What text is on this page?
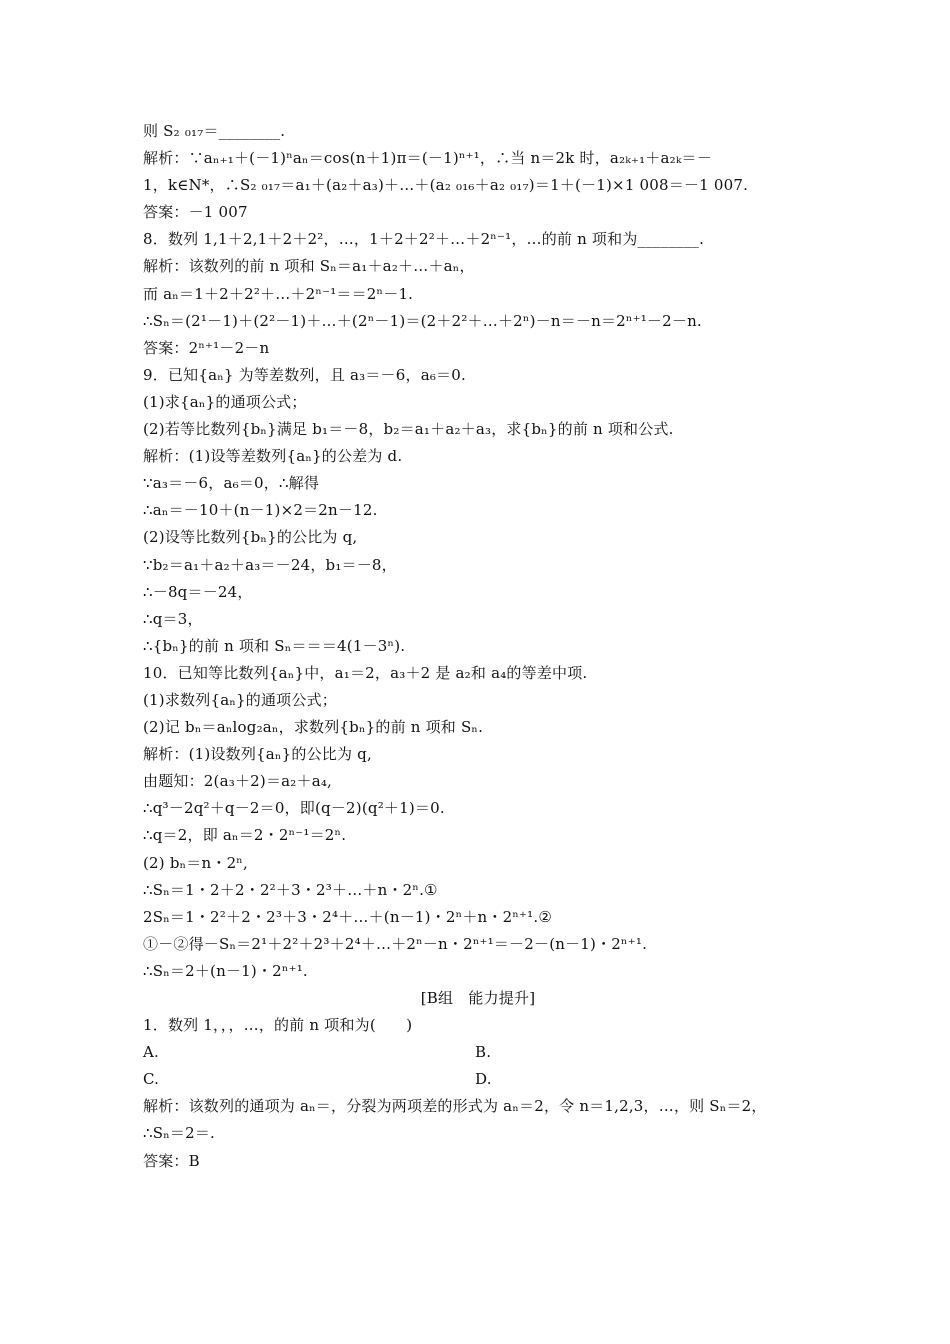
则 S₂ ₀₁₇＝________.
解析：∵aₙ₊₁＋(－1)ⁿaₙ＝cos(n＋1)π＝(－1)ⁿ⁺¹，∴当 n＝2k 时，a₂ₖ₊₁＋a₂ₖ＝－
1，k∈N*，∴S₂ ₀₁₇＝a₁＋(a₂＋a₃)＋…＋(a₂ ₀₁₆＋a₂ ₀₁₇)＝1＋(－1)×1 008＝－1 007.
答案：－1 007
8．数列 1,1＋2,1＋2＋2²，…，1＋2＋2²＋…＋2ⁿ⁻¹，…的前 n 项和为________.
解析：该数列的前 n 项和 Sₙ＝a₁＋a₂＋…＋aₙ，
而 aₙ＝1＋2＋2²＋…＋2ⁿ⁻¹＝＝2ⁿ－1.
∴Sₙ＝(2¹－1)＋(2²－1)＋…＋(2ⁿ－1)＝(2＋2²＋…＋2ⁿ)－n＝－n＝2ⁿ⁺¹－2－n.
答案：2ⁿ⁺¹－2－n
9．已知{aₙ} 为等差数列，且 a₃＝－6，a₆＝0.
(1)求{aₙ}的通项公式；
(2)若等比数列{bₙ}满足 b₁＝－8，b₂＝a₁＋a₂＋a₃，求{bₙ}的前 n 项和公式.
解析：(1)设等差数列{aₙ}的公差为 d.
∵a₃＝－6，a₆＝0，∴解得
∴aₙ＝－10＋(n－1)×2＝2n－12.
(2)设等比数列{bₙ}的公比为 q,
∵b₂＝a₁＋a₂＋a₃＝－24，b₁＝－8，
∴－8q＝－24，
∴q＝3，
∴{bₙ}的前 n 项和 Sₙ＝＝＝4(1－3ⁿ).
10．已知等比数列{aₙ}中，a₁＝2，a₃＋2 是 a₂和 a₄的等差中项.
(1)求数列{aₙ}的通项公式；
(2)记 bₙ＝aₙlog₂aₙ，求数列{bₙ}的前 n 项和 Sₙ.
解析：(1)设数列{aₙ}的公比为 q,
由题知：2(a₃＋2)＝a₂＋a₄,
∴q³－2q²＋q－2＝0，即(q－2)(q²＋1)＝0.
∴q＝2，即 aₙ＝2・2ⁿ⁻¹＝2ⁿ.
(2) bₙ＝n・2ⁿ,
∴Sₙ＝1・2＋2・2²＋3・2³＋…＋n・2ⁿ.①
2Sₙ＝1・2²＋2・2³＋3・2⁴＋…＋(n－1)・2ⁿ＋n・2ⁿ⁺¹.②
①－②得－Sₙ＝2¹＋2²＋2³＋2⁴＋…＋2ⁿ－n・2ⁿ⁺¹＝－2－(n－1)・2ⁿ⁺¹.
∴Sₙ＝2＋(n－1)・2ⁿ⁺¹.
[B组　能力提升]
1．数列 1，，，…，的前 n 项和为(　　)
A.	B.
C.	D.
解析：该数列的通项为 aₙ＝，分裂为两项差的形式为 aₙ＝2，令 n＝1,2,3，…，则 Sₙ＝2，
∴Sₙ＝2＝.
答案：B
